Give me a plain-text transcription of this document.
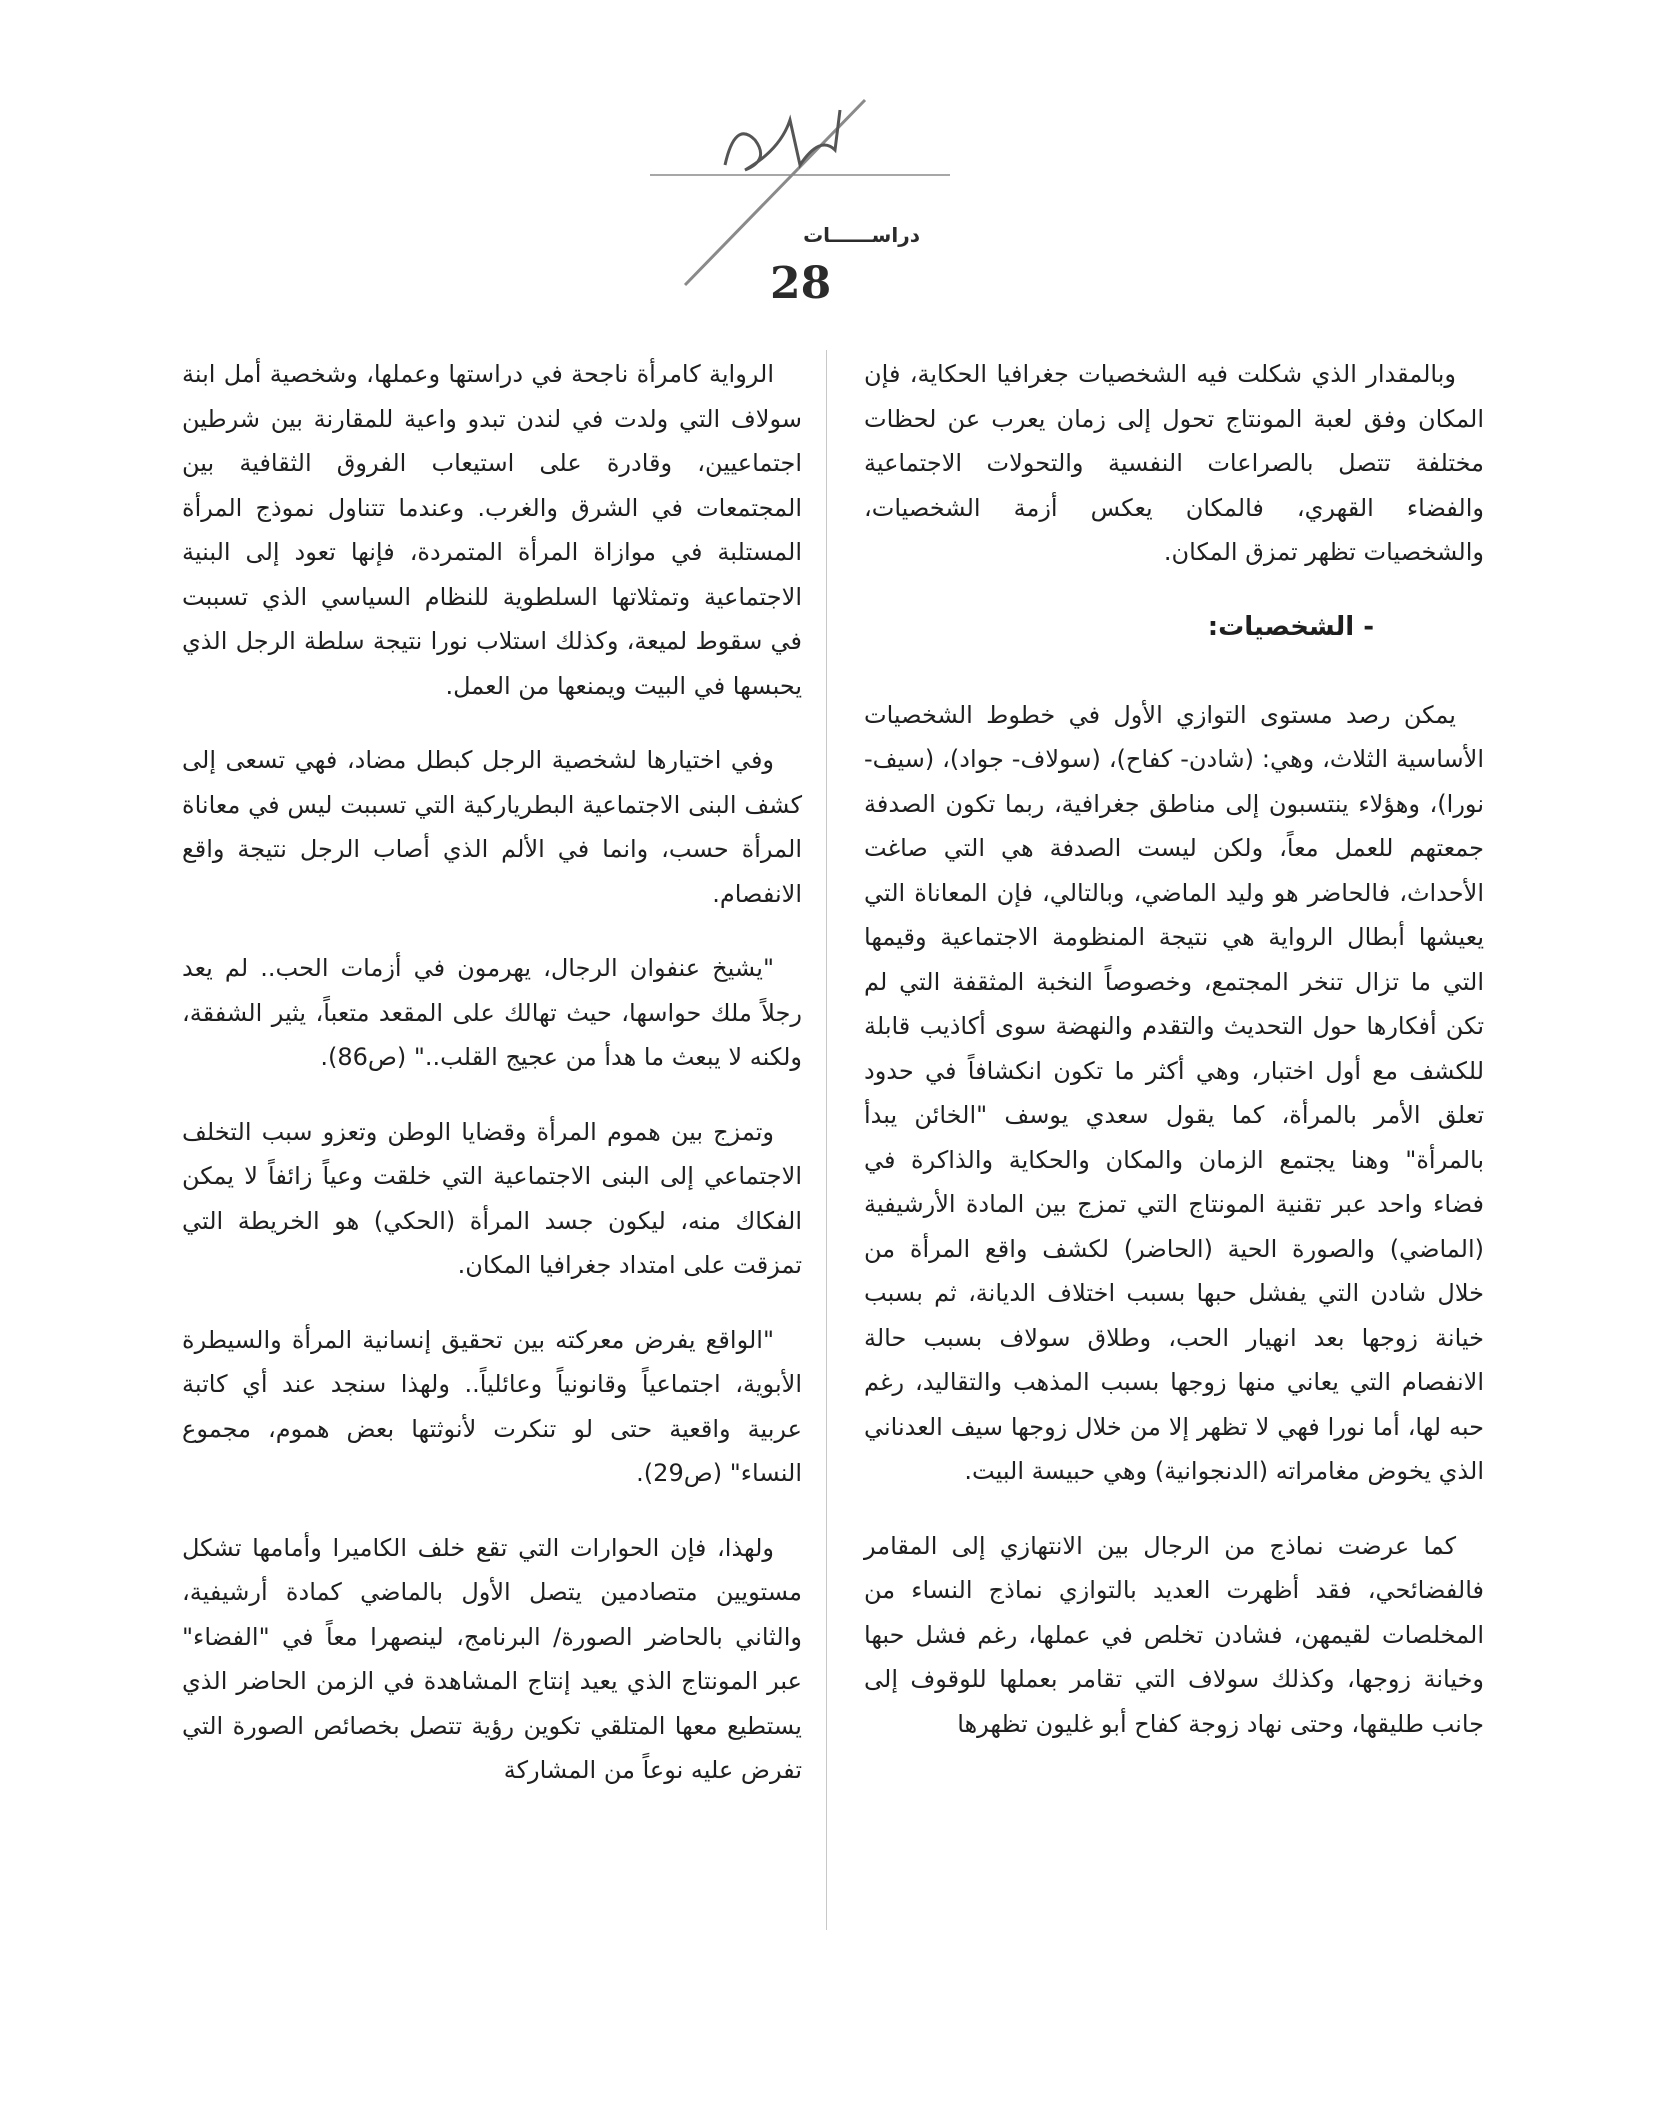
دراســــــات
28

وبالمقدار الذي شكلت فيه الشخصيات جغرافيا الحكاية، فإن المكان وفق لعبة المونتاج تحول إلى زمان يعرب عن لحظات مختلفة تتصل بالصراعات النفسية والتحولات الاجتماعية والفضاء القهري، فالمكان يعكس أزمة الشخصيات، والشخصيات تظهر تمزق المكان.

- الشخصيات:

يمكن رصد مستوى التوازي الأول في خطوط الشخصيات الأساسية الثلاث، وهي: (شادن- كفاح)، (سولاف- جواد)، (سيف- نورا)، وهؤلاء ينتسبون إلى مناطق جغرافية، ربما تكون الصدفة جمعتهم للعمل معاً، ولكن ليست الصدفة هي التي صاغت الأحداث، فالحاضر هو وليد الماضي، وبالتالي، فإن المعاناة التي يعيشها أبطال الرواية هي نتيجة المنظومة الاجتماعية وقيمها التي ما تزال تنخر المجتمع، وخصوصاً النخبة المثقفة التي لم تكن أفكارها حول التحديث والتقدم والنهضة سوى أكاذيب قابلة للكشف مع أول اختبار، وهي أكثر ما تكون انكشافاً في حدود تعلق الأمر بالمرأة، كما يقول سعدي يوسف "الخائن يبدأ بالمرأة" وهنا يجتمع الزمان والمكان والحكاية والذاكرة في فضاء واحد عبر تقنية المونتاج التي تمزج بين المادة الأرشيفية (الماضي) والصورة الحية (الحاضر) لكشف واقع المرأة من خلال شادن التي يفشل حبها بسبب اختلاف الديانة، ثم بسبب خيانة زوجها بعد انهيار الحب، وطلاق سولاف بسبب حالة الانفصام التي يعاني منها زوجها بسبب المذهب والتقاليد، رغم حبه لها، أما نورا فهي لا تظهر إلا من خلال زوجها سيف العدناني الذي يخوض مغامراته (الدنجوانية) وهي حبيسة البيت.

كما عرضت نماذج من الرجال بين الانتهازي إلى المقامر فالفضائحي، فقد أظهرت العديد بالتوازي نماذج النساء من المخلصات لقيمهن، فشادن تخلص في عملها، رغم فشل حبها وخيانة زوجها، وكذلك سولاف التي تقامر بعملها للوقوف إلى جانب طليقها، وحتى نهاد زوجة كفاح أبو غليون تظهرها

الرواية كامرأة ناجحة في دراستها وعملها، وشخصية أمل ابنة سولاف التي ولدت في لندن تبدو واعية للمقارنة بين شرطين اجتماعيين، وقادرة على استيعاب الفروق الثقافية بين المجتمعات في الشرق والغرب. وعندما تتناول نموذج المرأة المستلبة في موازاة المرأة المتمردة، فإنها تعود إلى البنية الاجتماعية وتمثلاتها السلطوية للنظام السياسي الذي تسببت في سقوط لميعة، وكذلك استلاب نورا نتيجة سلطة الرجل الذي يحبسها في البيت ويمنعها من العمل.

وفي اختيارها لشخصية الرجل كبطل مضاد، فهي تسعى إلى كشف البنى الاجتماعية البطرياركية التي تسببت ليس في معاناة المرأة حسب، وانما في الألم الذي أصاب الرجل نتيجة واقع الانفصام.

"يشيخ عنفوان الرجال، يهرمون في أزمات الحب.. لم يعد رجلاً ملك حواسها، حيث تهالك على المقعد متعباً، يثير الشفقة، ولكنه لا يبعث ما هدأ من عجيج القلب.." (ص86).

وتمزج بين هموم المرأة وقضايا الوطن وتعزو سبب التخلف الاجتماعي إلى البنى الاجتماعية التي خلقت وعياً زائفاً لا يمكن الفكاك منه، ليكون جسد المرأة (الحكي) هو الخريطة التي تمزقت على امتداد جغرافيا المكان.

"الواقع يفرض معركته بين تحقيق إنسانية المرأة والسيطرة الأبوية، اجتماعياً وقانونياً وعائلياً.. ولهذا سنجد عند أي كاتبة عربية واقعية حتى لو تنكرت لأنوثتها بعض هموم، مجموع النساء" (ص29).

ولهذا، فإن الحوارات التي تقع خلف الكاميرا وأمامها تشكل مستويين متصادمين يتصل الأول بالماضي كمادة أرشيفية، والثاني بالحاضر الصورة/ البرنامج، لينصهرا معاً في "الفضاء" عبر المونتاج الذي يعيد إنتاج المشاهدة في الزمن الحاضر الذي يستطيع معها المتلقي تكوين رؤية تتصل بخصائص الصورة التي تفرض عليه نوعاً من المشاركة
